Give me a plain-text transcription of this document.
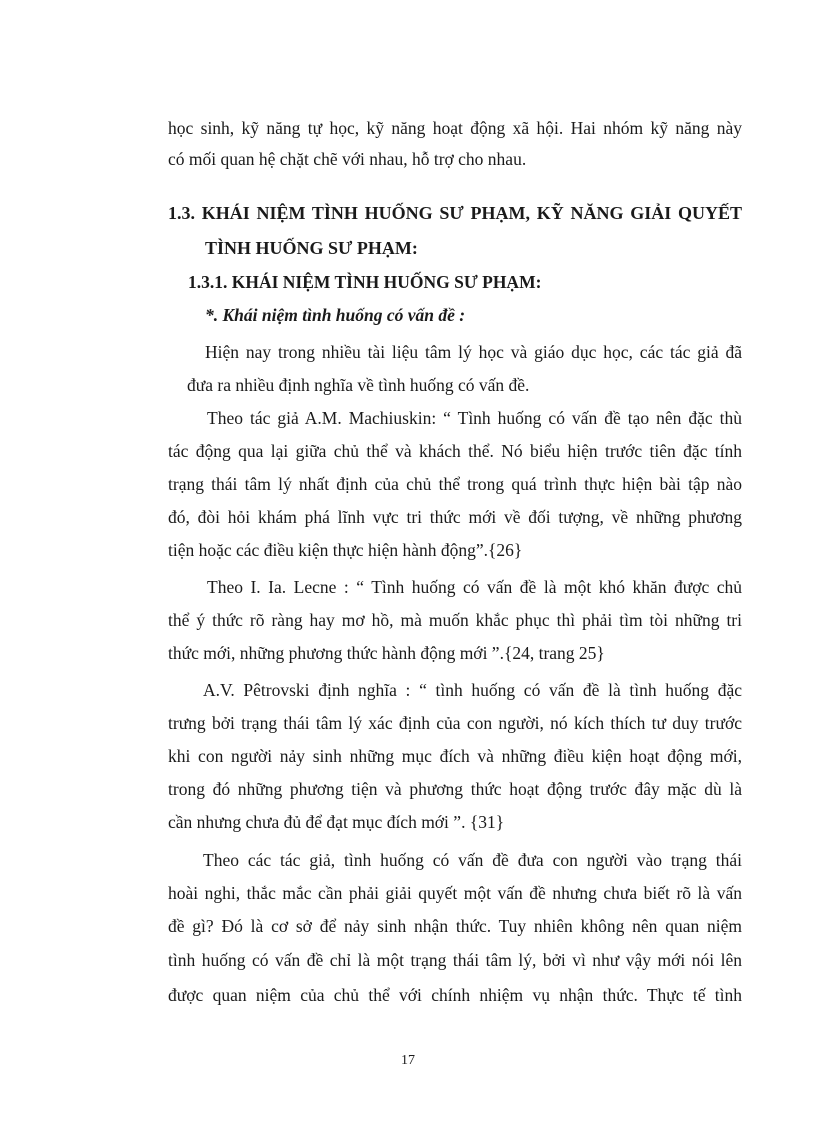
học sinh, kỹ năng tự học, kỹ năng hoạt động xã hội. Hai nhóm kỹ năng này
có mối quan hệ chặt chẽ với nhau, hỗ trợ cho nhau.
1.3. KHÁI NIỆM TÌNH HUỐNG SƯ PHẠM, KỸ NĂNG GIẢI QUYẾT
TÌNH HUỐNG SƯ PHẠM:
1.3.1. KHÁI NIỆM TÌNH HUỐNG SƯ PHẠM:
*. Khái niệm tình huống có vấn đề :
Hiện nay trong nhiều tài liệu tâm lý học và giáo dục học, các tác giả đã
đưa ra nhiều định nghĩa về tình huống có vấn đề.
Theo tác giả A.M. Machiuskin: “ Tình huống có vấn đề tạo nên đặc thù
tác động qua lại giữa chủ thể và khách thể. Nó biểu hiện trước tiên đặc tính
trạng thái tâm lý nhất định của chủ thể trong quá trình thực hiện bài tập nào
đó, đòi hỏi khám phá lĩnh vực tri thức mới về đối tượng, về những phương
tiện hoặc các điều kiện thực hiện hành động”.{26}
Theo I. Ia. Lecne : “ Tình huống có vấn đề là một khó khăn được chủ
thể ý thức rõ ràng hay mơ hồ, mà muốn khắc phục thì phải tìm tòi những tri
thức mới, những phương thức hành động mới ”.{24, trang 25}
A.V. Pêtrovski định nghĩa : “ tình huống có vấn đề là tình huống đặc
trưng bởi trạng thái tâm lý xác định của con người, nó kích thích tư duy trước
khi con người nảy sinh những mục đích và những điều kiện hoạt động mới,
trong đó những phương tiện và phương thức hoạt động trước đây mặc dù là
cần nhưng chưa đủ để đạt mục đích mới ”. {31}
Theo các tác giả, tình huống có vấn đề đưa con người vào trạng thái
hoài nghi, thắc mắc cần phải giải quyết một vấn đề nhưng chưa biết rõ là vấn
đề gì? Đó là cơ sở để nảy sinh nhận thức. Tuy nhiên không nên quan niệm
tình huống có vấn đề chỉ là một trạng thái tâm lý, bởi vì như vậy mới nói lên
được quan niệm của chủ thể với chính nhiệm vụ nhận thức. Thực tế tình
17
